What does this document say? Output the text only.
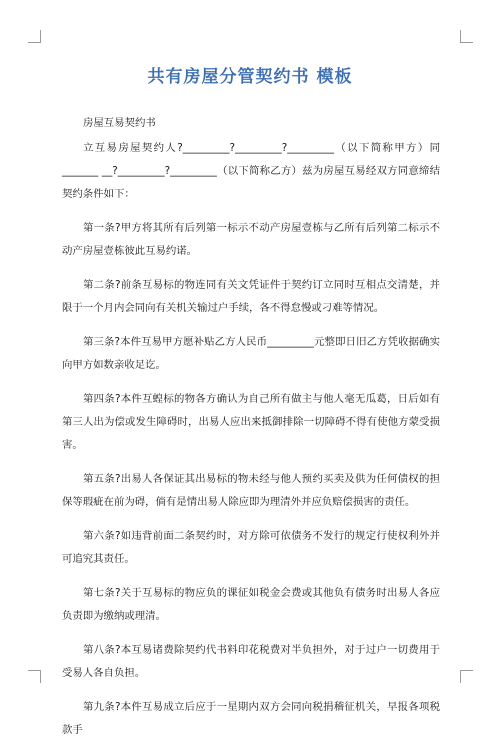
共有房屋分管契约书 模板

房屋互易契约书

立互易房屋契约人?_________?_________?_________（以下简称甲方）同_______ __?_________?_________（以下简称乙方）兹为房屋互易经双方同意缔结契约条件如下：

第一条?甲方将其所有后列第一标示不动产房屋壹栋与乙所有后列第二标示不动产房屋壹栋彼此互易约诺。

第二条?前条互易标的物连同有关文凭证件于契约订立同时互相点交清楚，并限于一个月内会同向有关机关输过户手续，各不得怠慢或刁难等情况。

第三条?本件互易甲方愿补贴乙方人民币_________元整即日旧乙方凭收据确实向甲方如数亲收足讫。

第四条?本件互蝗标的物各方确认为自己所有做主与他人毫无瓜葛，日后如有第三人出为偿或发生障碍时，出易人应出来抵御排除一切障碍不得有使他方蒙受损害。

第五条?出易人各保证其出易标的物未经与他人预约买卖及供为任何债权的担保等瑕疵在前为碍，倘有是情出易人除应即为理清外并应负赔偿损害的责任。

第六条?如违背前面二条契约时，对方除可依债务不发行的规定行使权利外并可追究其责任。

第七条?关于互易标的物应负的课征如税金会费或其他负有债务时出易人各应负责即为缴纳或理清。

第八条?本互易诸费除契约代书料印花税费对半负担外，对于过户一切费用于受易人各自负担。

第九条?本件互易成立后应于一星期内双方会同向税捐稽征机关，早报各项税款手
